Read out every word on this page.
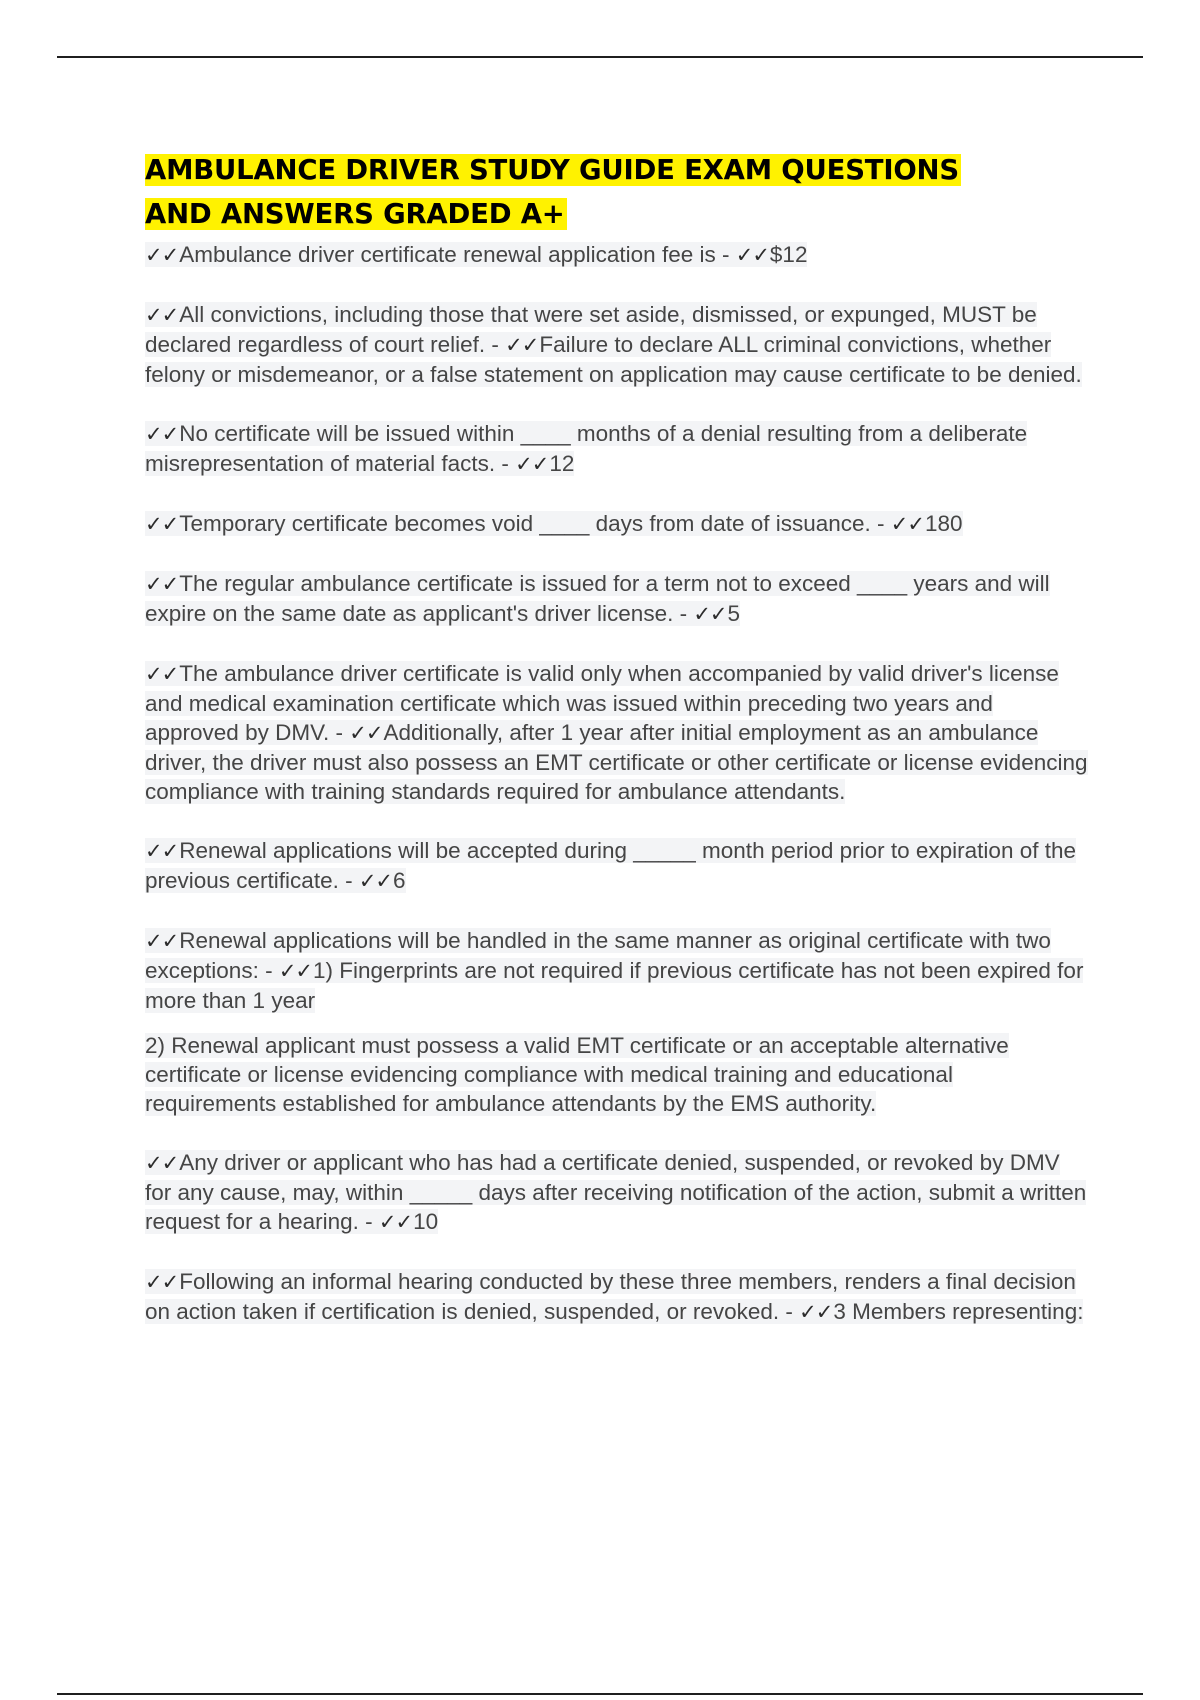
AMBULANCE DRIVER STUDY GUIDE EXAM QUESTIONS
AND ANSWERS GRADED A+

✓✓Ambulance driver certificate renewal application fee is - ✓✓$12

✓✓All convictions, including those that were set aside, dismissed, or expunged, MUST be declared regardless of court relief. - ✓✓Failure to declare ALL criminal convictions, whether felony or misdemeanor, or a false statement on application may cause certificate to be denied.

✓✓No certificate will be issued within ____ months of a denial resulting from a deliberate misrepresentation of material facts. - ✓✓12

✓✓Temporary certificate becomes void ____ days from date of issuance. - ✓✓180

✓✓The regular ambulance certificate is issued for a term not to exceed ____ years and will expire on the same date as applicant's driver license. - ✓✓5

✓✓The ambulance driver certificate is valid only when accompanied by valid driver's license and medical examination certificate which was issued within preceding two years and approved by DMV. - ✓✓Additionally, after 1 year after initial employment as an ambulance driver, the driver must also possess an EMT certificate or other certificate or license evidencing compliance with training standards required for ambulance attendants.

✓✓Renewal applications will be accepted during _____ month period prior to expiration of the previous certificate. - ✓✓6

✓✓Renewal applications will be handled in the same manner as original certificate with two exceptions: - ✓✓1) Fingerprints are not required if previous certificate has not been expired for more than 1 year

2) Renewal applicant must possess a valid EMT certificate or an acceptable alternative certificate or license evidencing compliance with medical training and educational requirements established for ambulance attendants by the EMS authority.

✓✓Any driver or applicant who has had a certificate denied, suspended, or revoked by DMV for any cause, may, within _____ days after receiving notification of the action, submit a written request for a hearing. - ✓✓10

✓✓Following an informal hearing conducted by these three members, renders a final decision on action taken if certification is denied, suspended, or revoked. - ✓✓3 Members representing:
